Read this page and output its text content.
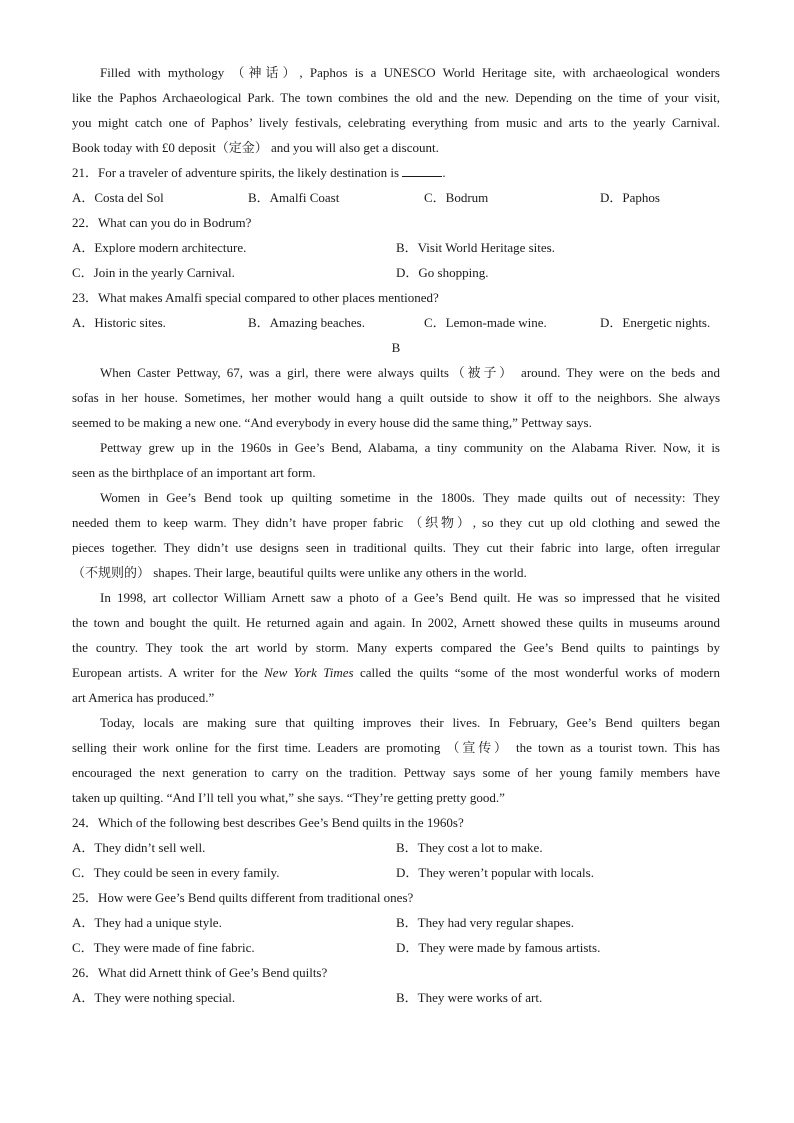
Filled with mythology （神话）, Paphos is a UNESCO World Heritage site, with archaeological wonders
like the Paphos Archaeological Park. The town combines the old and the new. Depending on the time of your visit,
you might catch one of Paphos’ lively festivals, celebrating everything from music and arts to the yearly Carnival.
Book today with £0 deposit（定金） and you will also get a discount.
21．For a traveler of adventure spirits, the likely destination is	.
A．Costa del Sol	B．Amalfi Coast	C．Bodrum	D．Paphos
22．What can you do in Bodrum?
A．Explore modern architecture.	B．Visit World Heritage sites.
C．Join in the yearly Carnival.	D．Go shopping.
23．What makes Amalfi special compared to other places mentioned?
A．Historic sites.	B．Amazing beaches.	C．Lemon-made wine.	D．Energetic nights.
B
When Caster Pettway, 67, was a girl, there were always quilts（被子） around. They were on the beds and
sofas in her house. Sometimes, her mother would hang a quilt outside to show it off to the neighbors. She always
seemed to be making a new one. “And everybody in every house did the same thing,” Pettway says.
Pettway grew up in the 1960s in Gee’s Bend, Alabama, a tiny community on the Alabama River. Now, it is
seen as the birthplace of an important art form.
Women in Gee’s Bend took up quilting sometime in the 1800s. They made quilts out of necessity: They
needed them to keep warm. They didn’t have proper fabric （织物）, so they cut up old clothing and sewed the
pieces together. They didn’t use designs seen in traditional quilts. They cut their fabric into large, often irregular
（不规则的） shapes. Their large, beautiful quilts were unlike any others in the world.
In 1998, art collector William Arnett saw a photo of a Gee’s Bend quilt. He was so impressed that he visited
the town and bought the quilt. He returned again and again. In 2002, Arnett showed these quilts in museums around
the country. They took the art world by storm. Many experts compared the Gee’s Bend quilts to paintings by
European artists. A writer for the New York Times called the quilts “some of the most wonderful works of modern
art America has produced.”
Today, locals are making sure that quilting improves their lives. In February, Gee’s Bend quilters began
selling their work online for the first time. Leaders are promoting （宣传） the town as a tourist town. This has
encouraged the next generation to carry on the tradition. Pettway says some of her young family members have
taken up quilting. “And I’ll tell you what,” she says. “They’re getting pretty good.”
24．Which of the following best describes Gee’s Bend quilts in the 1960s?
A．They didn’t sell well.	B．They cost a lot to make.
C．They could be seen in every family.	D．They weren’t popular with locals.
25．How were Gee’s Bend quilts different from traditional ones?
A．They had a unique style.	B．They had very regular shapes.
C．They were made of fine fabric.	D．They were made by famous artists.
26．What did Arnett think of Gee’s Bend quilts?
A．They were nothing special.	B．They were works of art.
